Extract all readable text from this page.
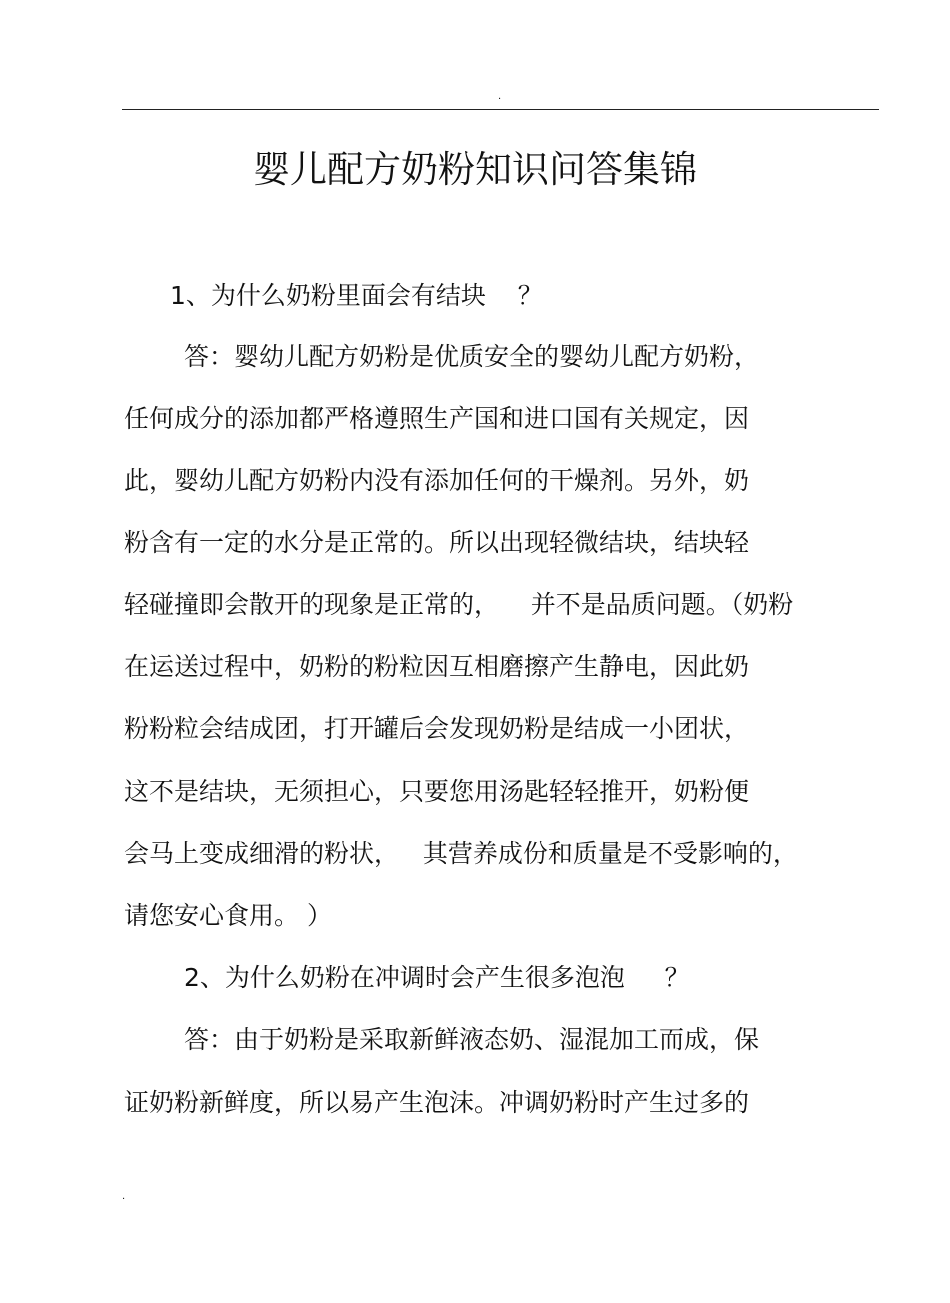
.
婴儿配方奶粉知识问答集锦
1、为什么奶粉里面会有结块    ？
答：婴幼儿配方奶粉是优质安全的婴幼儿配方奶粉，
任何成分的添加都严格遵照生产国和进口国有关规定，因
此，婴幼儿配方奶粉内没有添加任何的干燥剂。另外，奶
粉含有一定的水分是正常的。所以出现轻微结块，结块轻
轻碰撞即会散开的现象是正常的，    并不是品质问题。（奶粉
在运送过程中，奶粉的粉粒因互相磨擦产生静电，因此奶
粉粉粒会结成团，打开罐后会发现奶粉是结成一小团状，
这不是结块，无须担心，只要您用汤匙轻轻推开，奶粉便
会马上变成细滑的粉状，   其营养成份和质量是不受影响的，
请您安心食用。 ）
2、为什么奶粉在冲调时会产生很多泡泡     ？
答：由于奶粉是采取新鲜液态奶、湿混加工而成，保
证奶粉新鲜度，所以易产生泡沫。冲调奶粉时产生过多的
.
